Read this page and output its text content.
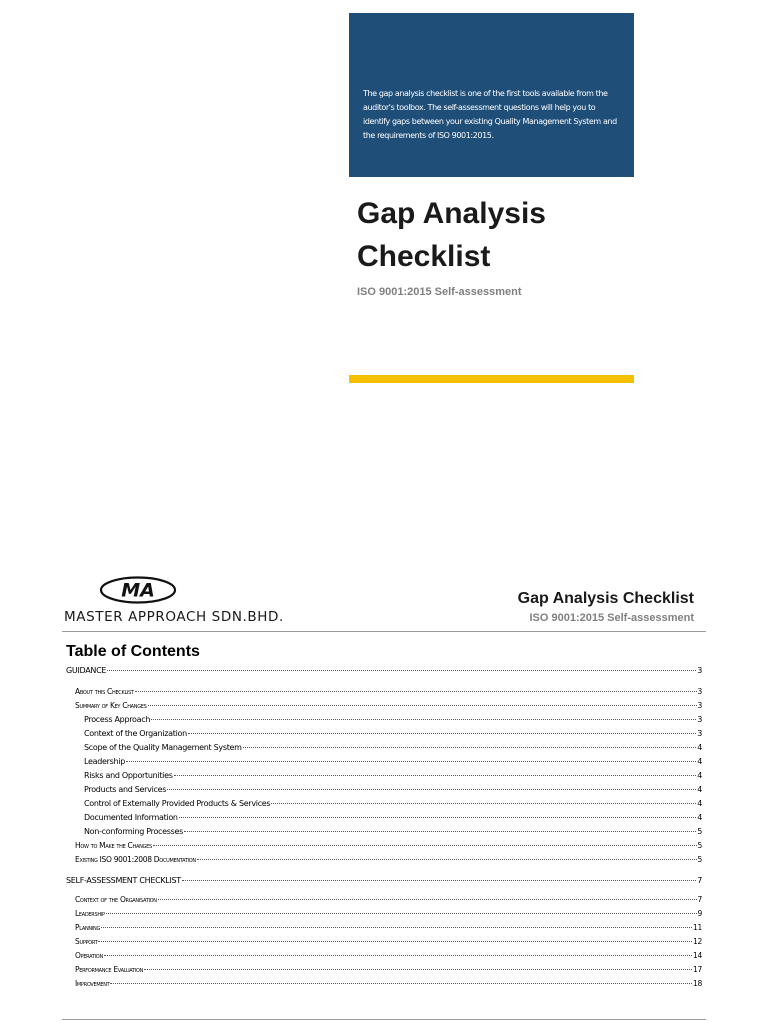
The gap analysis checklist is one of the first tools available from the auditor's toolbox. The self-assessment questions will help you to identify gaps between your existing Quality Management System and the requirements of ISO 9001:2015.
Gap Analysis
Checklist
ISO 9001:2015 Self-assessment
MA
MASTER APPROACH SDN.BHD.
Gap Analysis Checklist
ISO 9001:2015 Self-assessment
Table of Contents
GUIDANCE	3
About this Checklist	3
Summary of Key Changes	3
Process Approach	3
Context of the Organization	3
Scope of the Quality Management System	4
Leadership	4
Risks and Opportunities	4
Products and Services	4
Control of Externally Provided Products & Services	4
Documented Information	4
Non-conforming Processes	5
How to Make the Changes	5
Existing ISO 9001:2008 Documentation	5
SELF-ASSESSMENT CHECKLIST	7
Context of the Organisation	7
Leadership	9
Planning	11
Support	12
Operation	14
Performance Evaluation	17
Improvement	18
